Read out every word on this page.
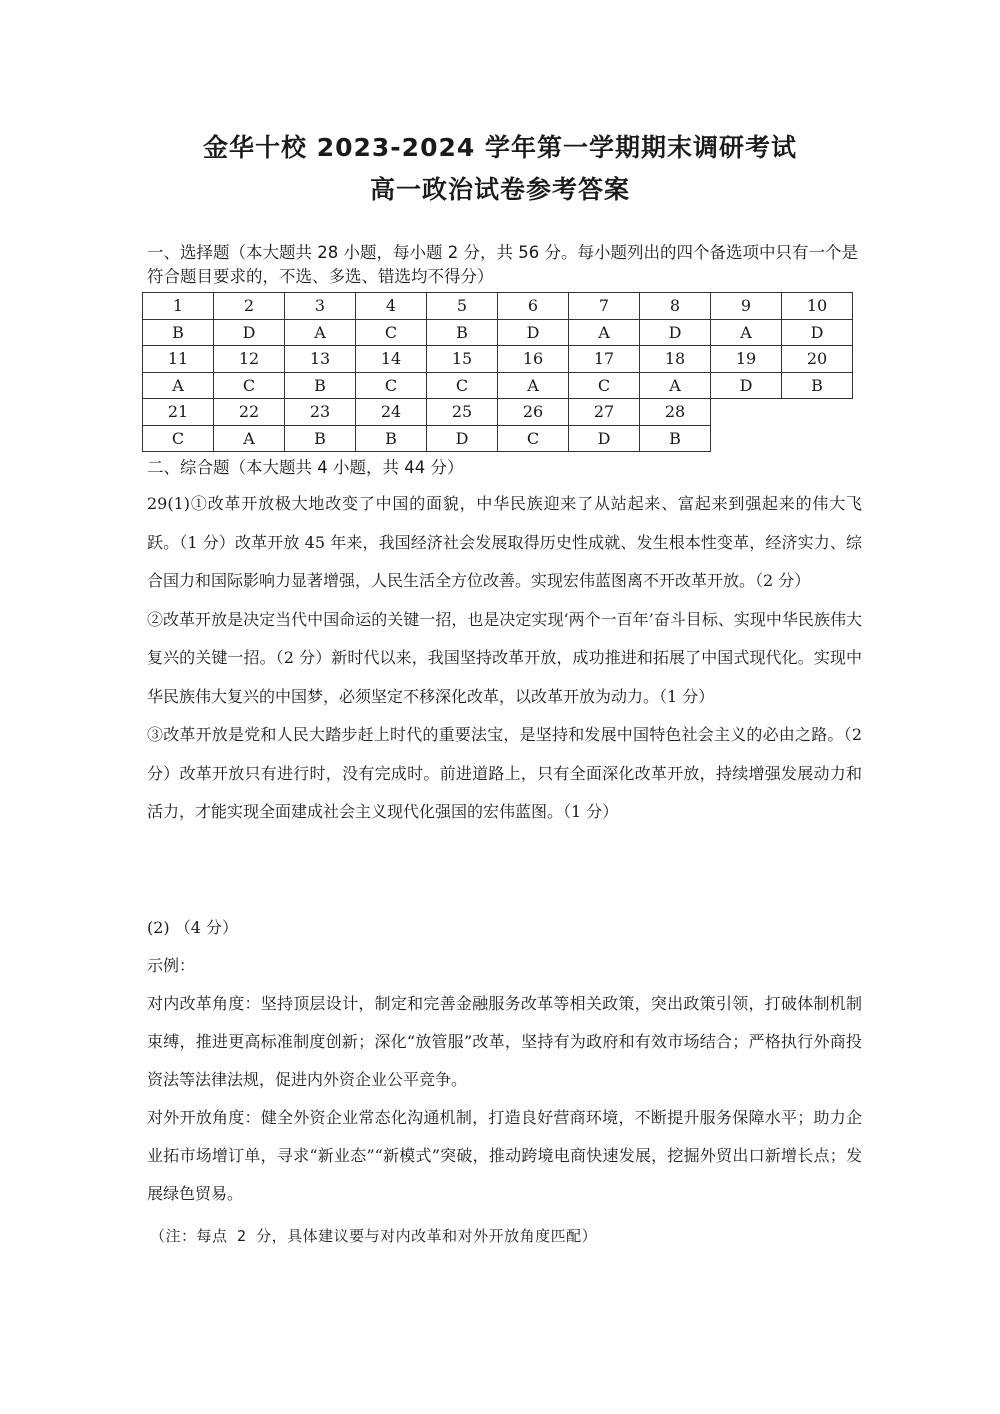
金华十校 2023-2024 学年第一学期期末调研考试
高一政治试卷参考答案
一、选择题（本大题共 28 小题，每小题 2 分，共 56 分。每小题列出的四个备选项中只有一个是符合题目要求的，不选、多选、错选均不得分）
1	2	3	4	5	6	7	8	9	10
B	D	A	C	B	D	A	D	A	D
11	12	13	14	15	16	17	18	19	20
A	C	B	C	C	A	C	A	D	B
21	22	23	24	25	26	27	28		
C	A	B	B	D	C	D	B		
二、综合题（本大题共 4 小题，共 44 分）

29(1)①改革开放极大地改变了中国的面貌，中华民族迎来了从站起来、富起来到强起来的伟大飞跃。（1 分）改革开放 45 年来，我国经济社会发展取得历史性成就、发生根本性变革，经济实力、综合国力和国际影响力显著增强，人民生活全方位改善。实现宏伟蓝图离不开改革开放。（2 分）

②改革开放是决定当代中国命运的关键一招，也是决定实现‘两个一百年’奋斗目标、实现中华民族伟大复兴的关键一招。（2 分）新时代以来，我国坚持改革开放，成功推进和拓展了中国式现代化。实现中华民族伟大复兴的中国梦，必须坚定不移深化改革，以改革开放为动力。（1 分）

③改革开放是党和人民大踏步赶上时代的重要法宝，是坚持和发展中国特色社会主义的必由之路。（2 分）改革开放只有进行时，没有完成时。前进道路上，只有全面深化改革开放，持续增强发展动力和活力，才能实现全面建成社会主义现代化强国的宏伟蓝图。（1 分）

(2) （4 分）

示例：

对内改革角度：坚持顶层设计，制定和完善金融服务改革等相关政策，突出政策引领，打破体制机制束缚，推进更高标准制度创新；深化“放管服”改革，坚持有为政府和有效市场结合；严格执行外商投资法等法律法规，促进内外资企业公平竞争。

对外开放角度：健全外资企业常态化沟通机制，打造良好营商环境，不断提升服务保障水平；助力企业拓市场增订单，寻求“新业态”“新模式”突破，推动跨境电商快速发展，挖掘外贸出口新增长点；发展绿色贸易。

（注：每点 2 分，具体建议要与对内改革和对外开放角度匹配）
